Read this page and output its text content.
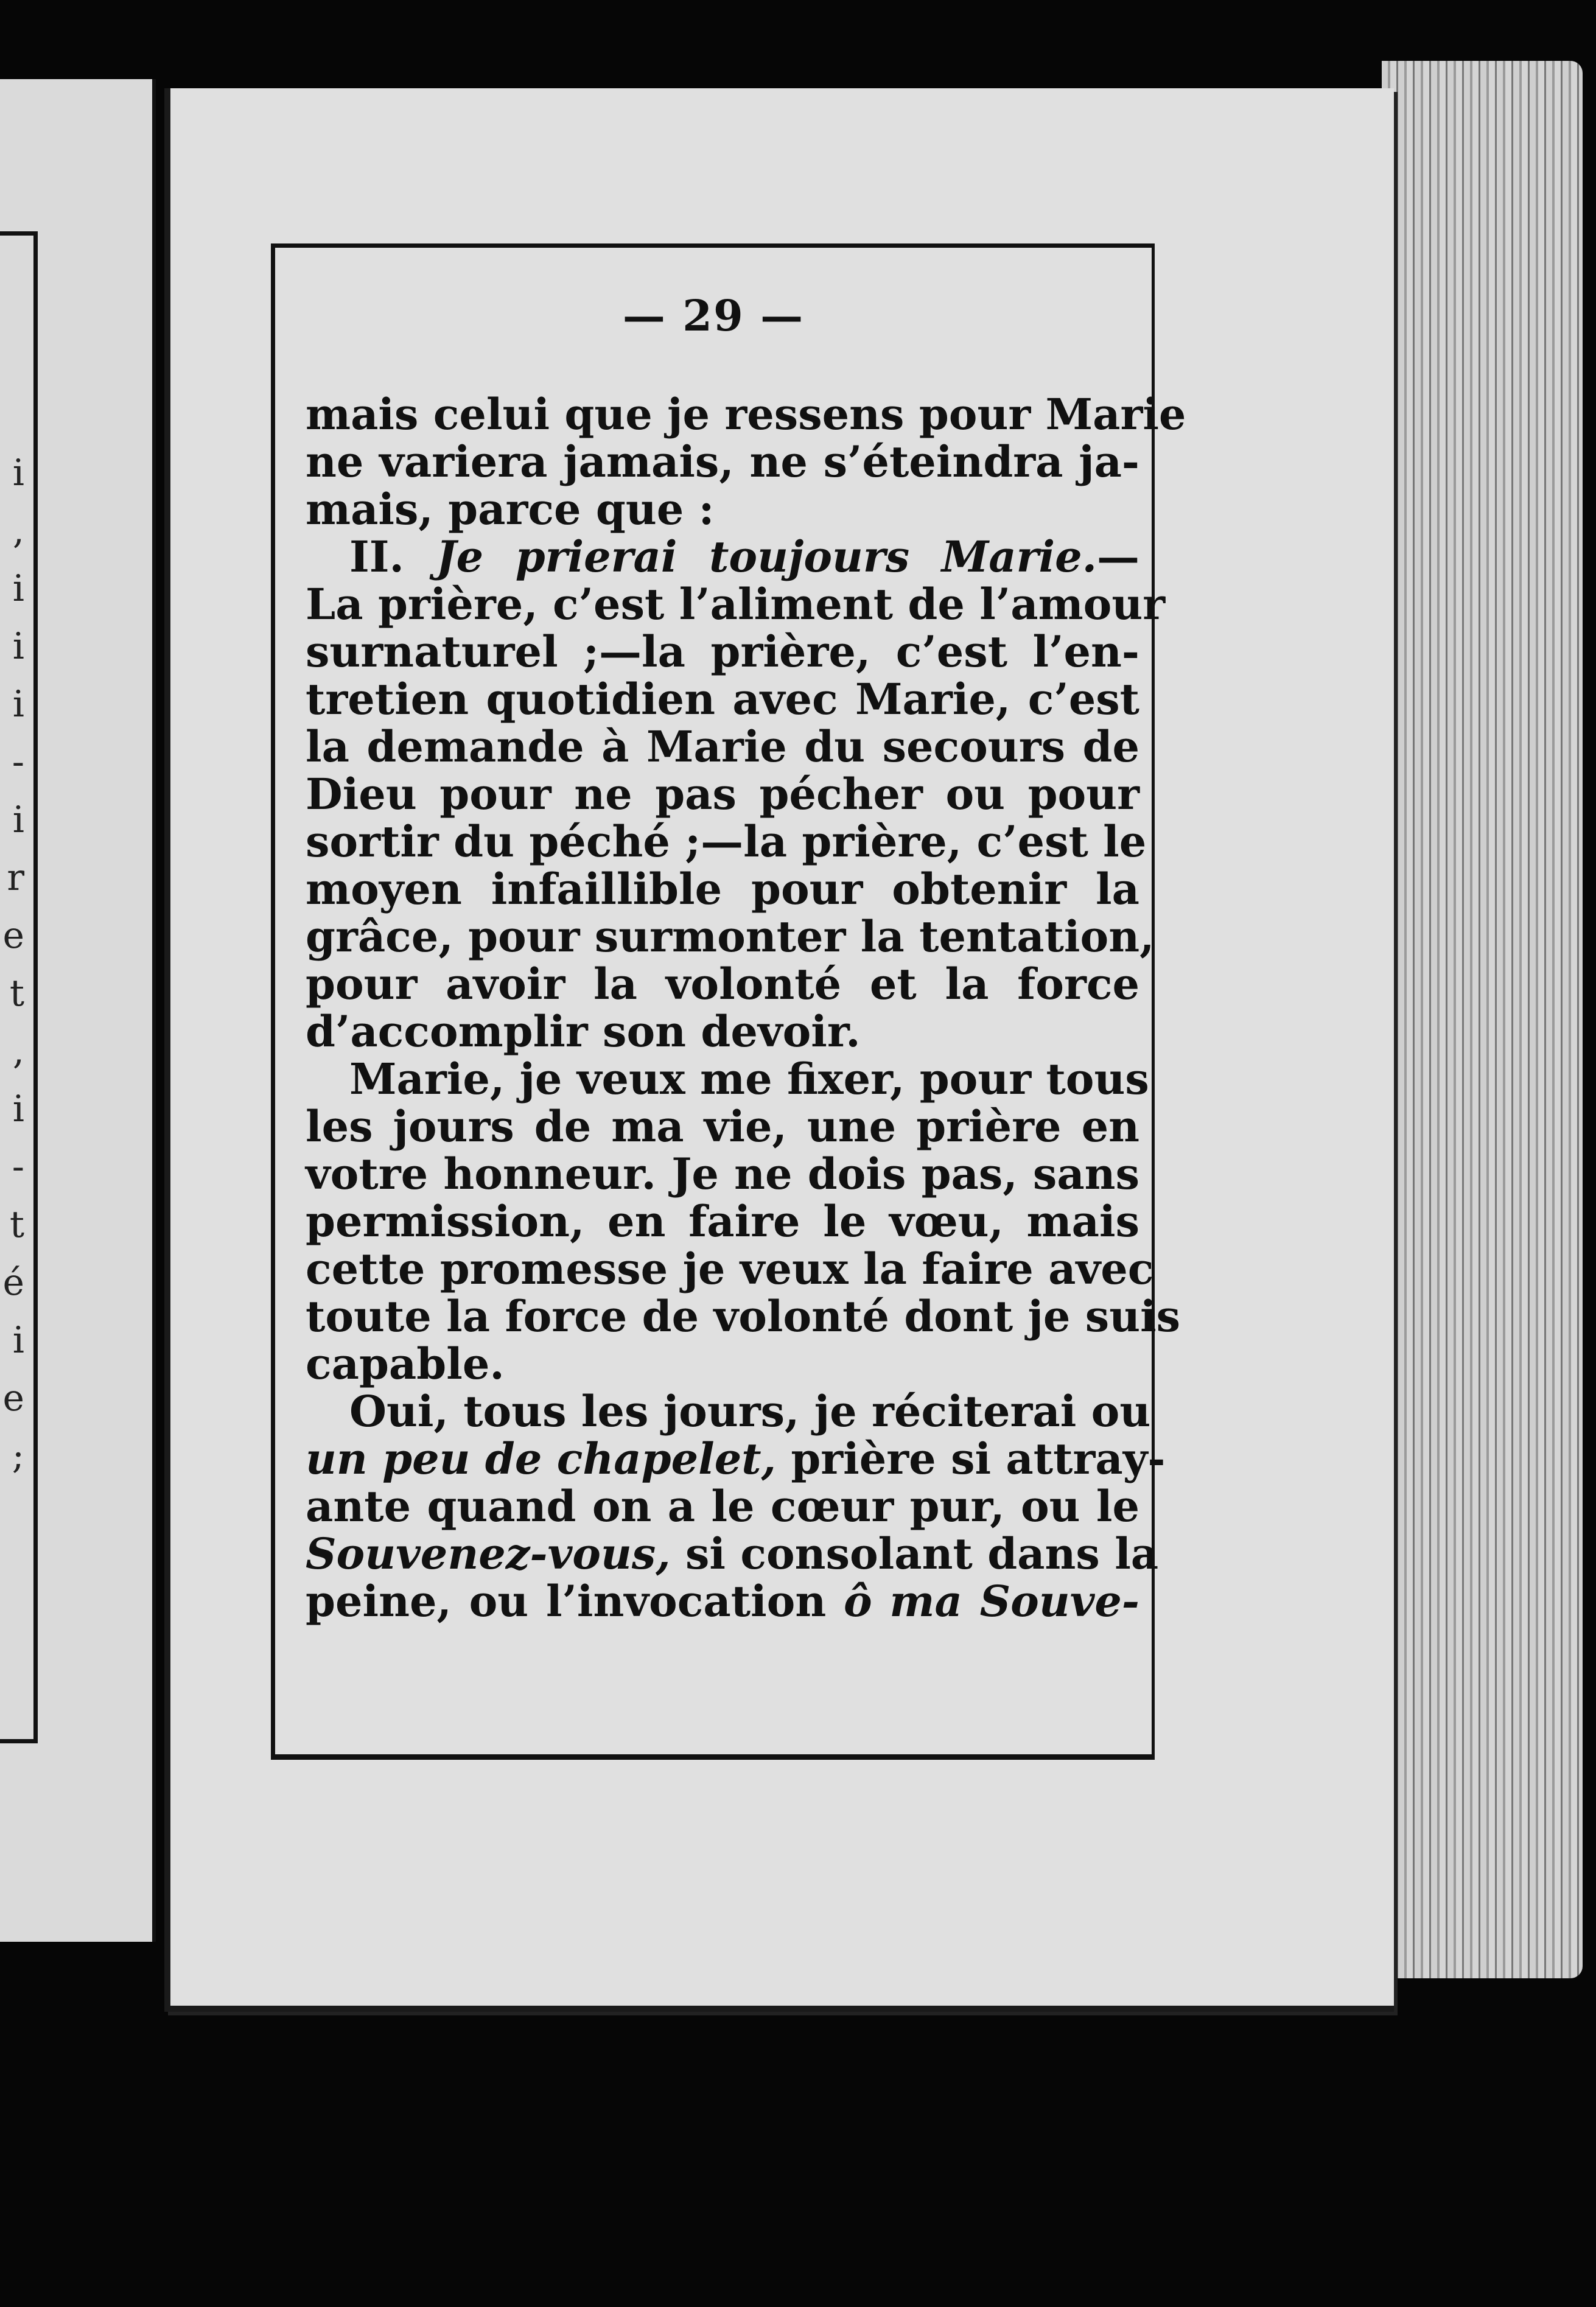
i
,
i
i
i
-
i
r
e
t
,
i
-
t
é
i
e
;
— 29 —
mais celui que je ressens pour Marie
ne variera jamais, ne s’éteindra ja-
mais, parce que :
II. Je prierai toujours Marie.—
La prière, c’est l’aliment de l’amour
surnaturel ;—la prière, c’est l’en-
tretien quotidien avec Marie, c’est
la demande à Marie du secours de
Dieu pour ne pas pécher ou pour
sortir du péché ;—la prière, c’est le
moyen infaillible pour obtenir la
grâce, pour surmonter la tentation,
pour avoir la volonté et la force
d’accomplir son devoir.
Marie, je veux me fixer, pour tous
les jours de ma vie, une prière en
votre honneur. Je ne dois pas, sans
permission, en faire le vœu, mais
cette promesse je veux la faire avec
toute la force de volonté dont je suis
capable.
Oui, tous les jours, je réciterai ou
un peu de chapelet, prière si attray-
ante quand on a le cœur pur, ou le
Souvenez-vous, si consolant dans la
peine, ou l’invocation ô ma Souve-
